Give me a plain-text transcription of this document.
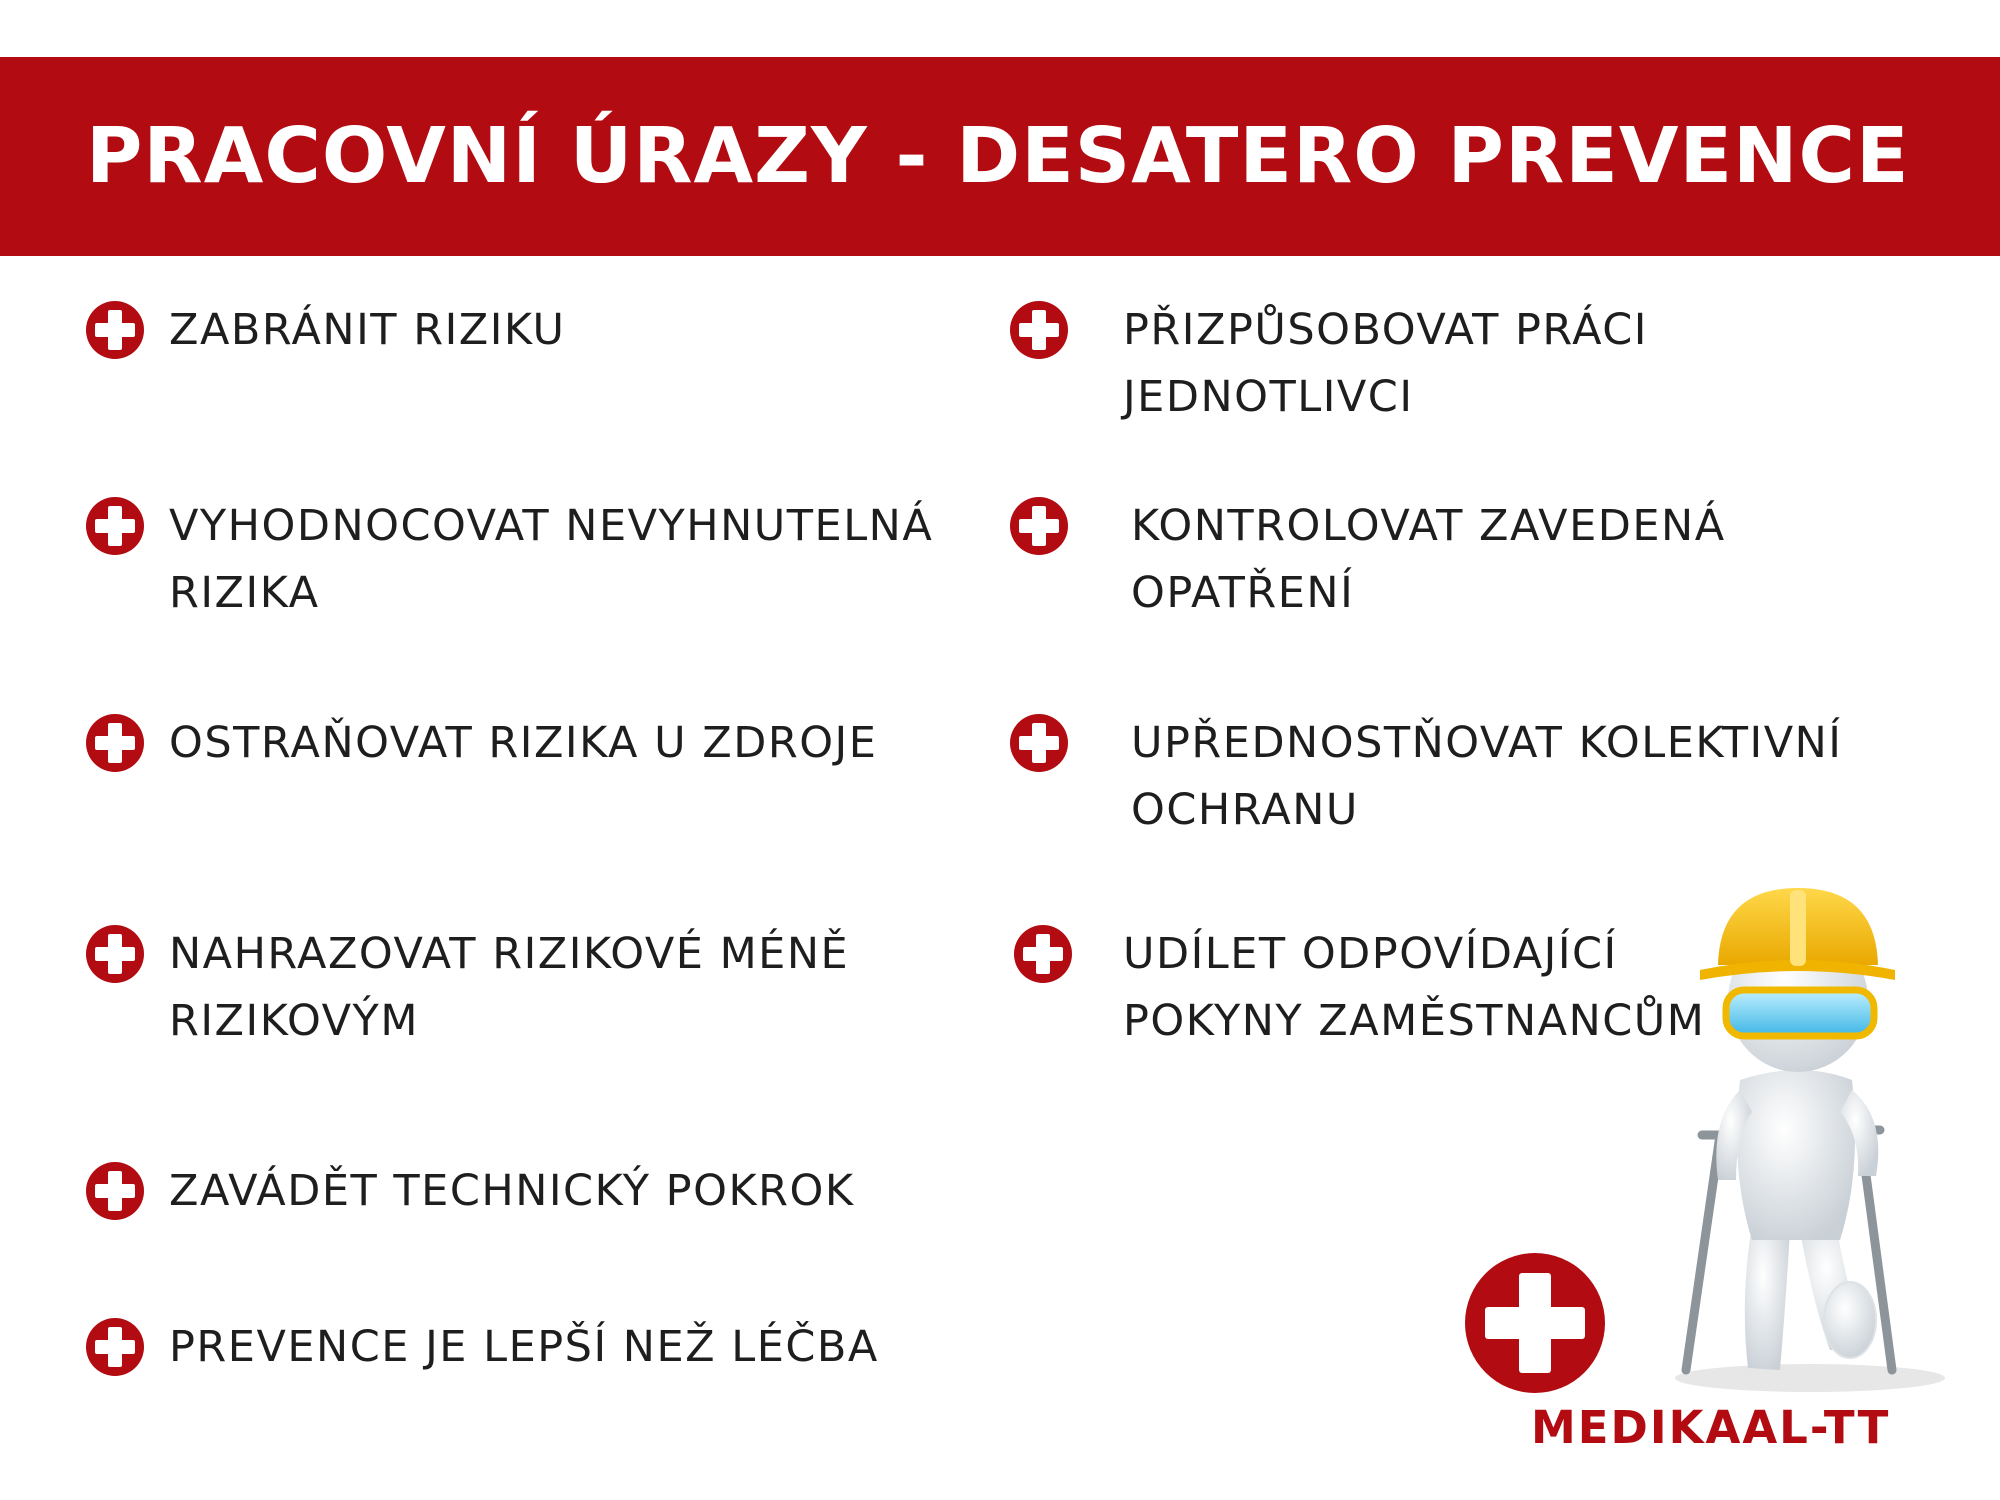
PRACOVNÍ ÚRAZY - DESATERO PREVENCE
ZABRÁNIT RIZIKU
VYHODNOCOVAT NEVYHNUTELNÁ
RIZIKA
OSTRAŇOVAT RIZIKA U ZDROJE
NAHRAZOVAT RIZIKOVÉ MÉNĚ
RIZIKOVÝM
ZAVÁDĚT TECHNICKÝ POKROK
PREVENCE JE LEPŠÍ NEŽ LÉČBA
PŘIZPŮSOBOVAT PRÁCI
JEDNOTLIVCI
KONTROLOVAT ZAVEDENÁ
OPATŘENÍ
UPŘEDNOSTŇOVAT KOLEKTIVNÍ
OCHRANU
UDÍLET ODPOVÍDAJÍCÍ
POKYNY ZAMĚSTNANCŮM
MEDIKAAL-TT
